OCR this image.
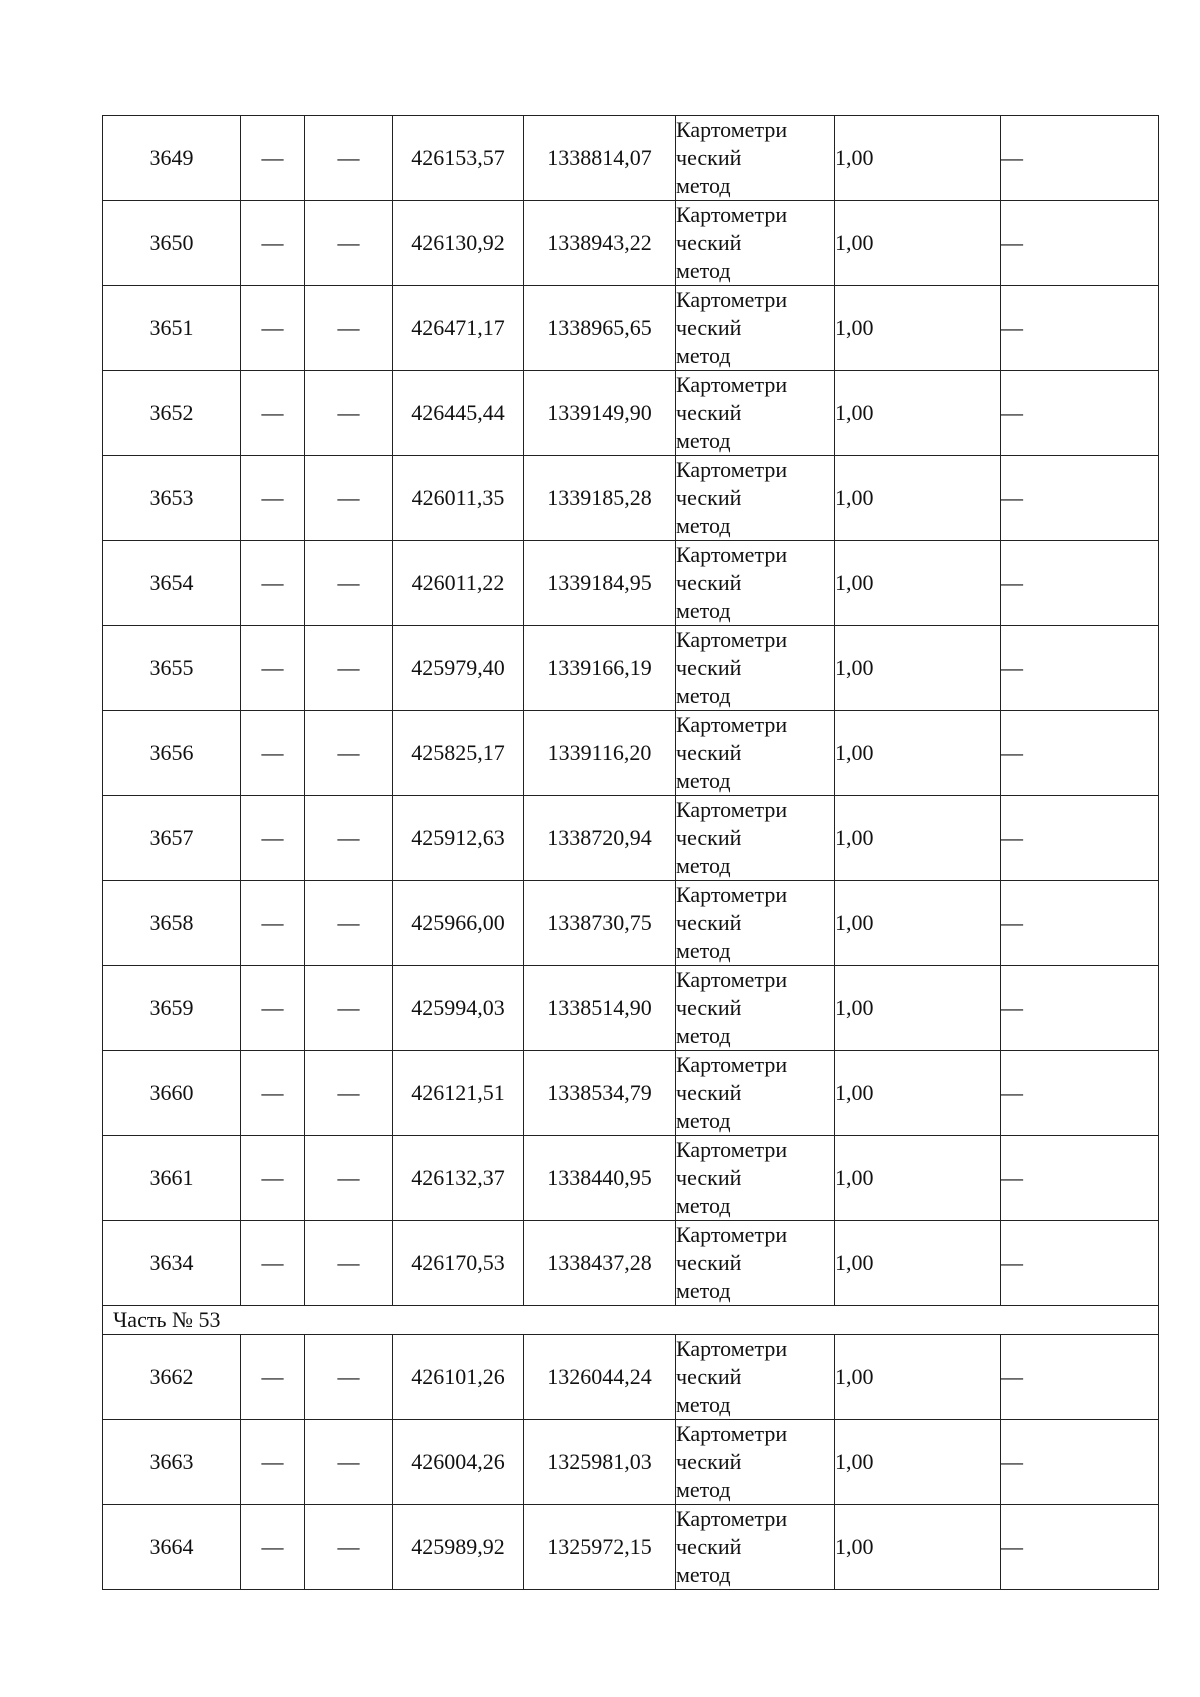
3649	—	—	426153,57	1338814,07	Картометри
ческий
метод	1,00	—
3650	—	—	426130,92	1338943,22	Картометри
ческий
метод	1,00	—
3651	—	—	426471,17	1338965,65	Картометри
ческий
метод	1,00	—
3652	—	—	426445,44	1339149,90	Картометри
ческий
метод	1,00	—
3653	—	—	426011,35	1339185,28	Картометри
ческий
метод	1,00	—
3654	—	—	426011,22	1339184,95	Картометри
ческий
метод	1,00	—
3655	—	—	425979,40	1339166,19	Картометри
ческий
метод	1,00	—
3656	—	—	425825,17	1339116,20	Картометри
ческий
метод	1,00	—
3657	—	—	425912,63	1338720,94	Картометри
ческий
метод	1,00	—
3658	—	—	425966,00	1338730,75	Картометри
ческий
метод	1,00	—
3659	—	—	425994,03	1338514,90	Картометри
ческий
метод	1,00	—
3660	—	—	426121,51	1338534,79	Картометри
ческий
метод	1,00	—
3661	—	—	426132,37	1338440,95	Картометри
ческий
метод	1,00	—
3634	—	—	426170,53	1338437,28	Картометри
ческий
метод	1,00	—
Часть № 53							
3662	—	—	426101,26	1326044,24	Картометри
ческий
метод	1,00	—
3663	—	—	426004,26	1325981,03	Картометри
ческий
метод	1,00	—
3664	—	—	425989,92	1325972,15	Картометри
ческий
метод	1,00	—
